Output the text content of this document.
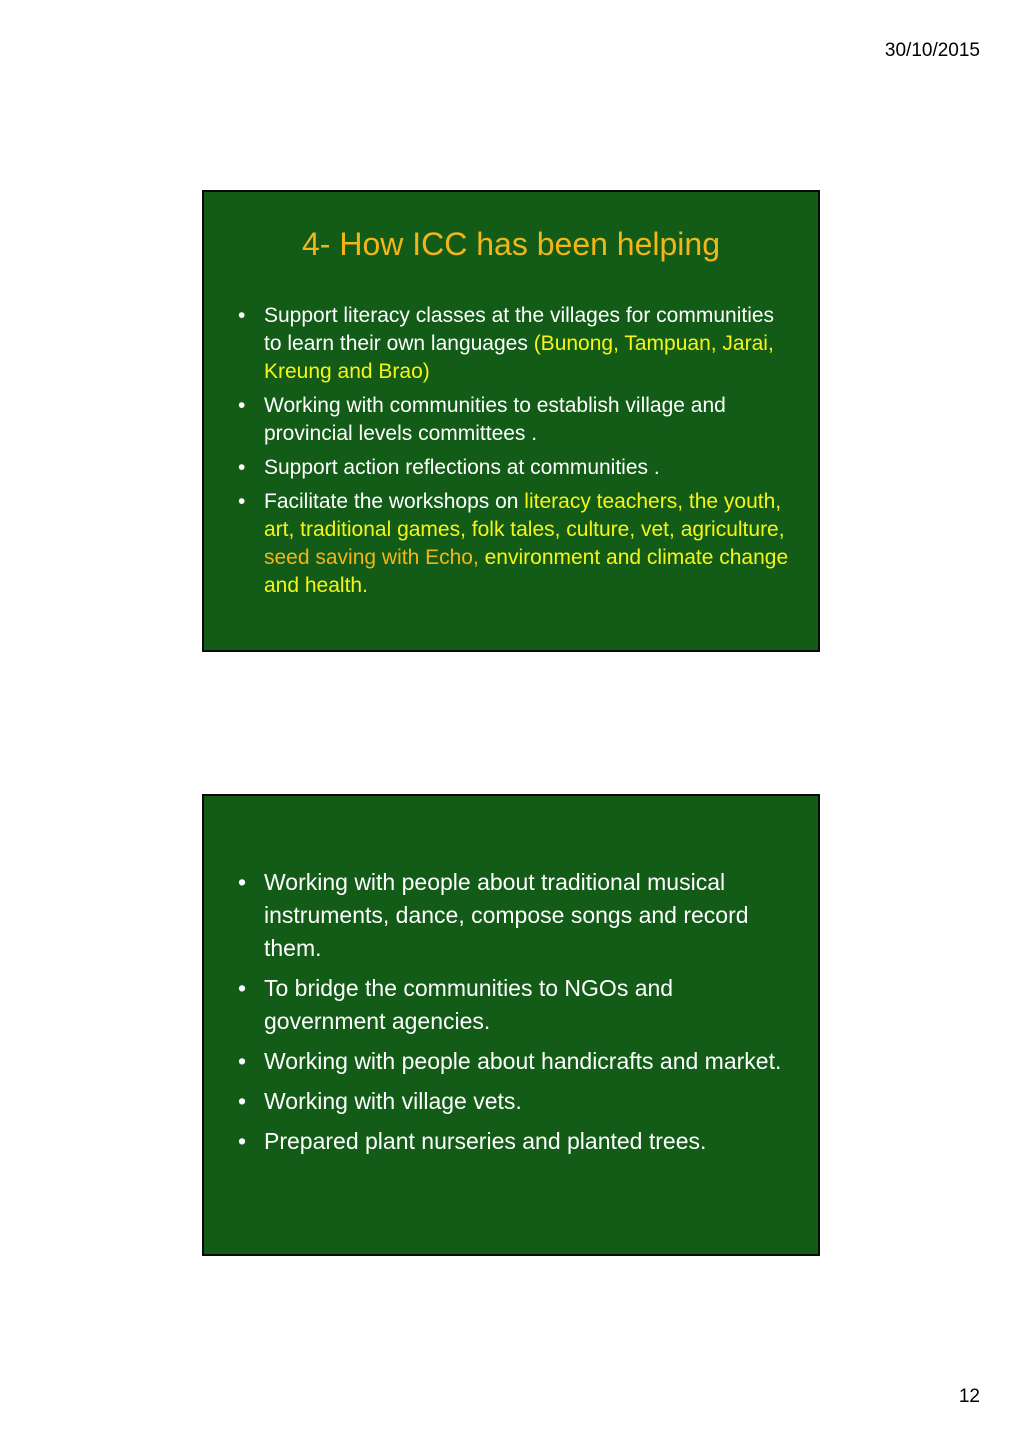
30/10/2015
4- How ICC has been helping
• Support literacy classes at the villages for communities to learn their own languages (Bunong, Tampuan, Jarai, Kreung and Brao)
• Working with communities to establish village and provincial levels committees .
• Support action reflections at communities .
• Facilitate the workshops on literacy teachers, the youth, art, traditional games, folk tales, culture, vet, agriculture, seed saving with Echo, environment and climate change and health.
• Working with people about traditional musical instruments, dance, compose songs and record them.
• To bridge the communities to NGOs and government agencies.
• Working with people about handicrafts and market.
• Working with village vets.
• Prepared plant nurseries and planted trees.
12
